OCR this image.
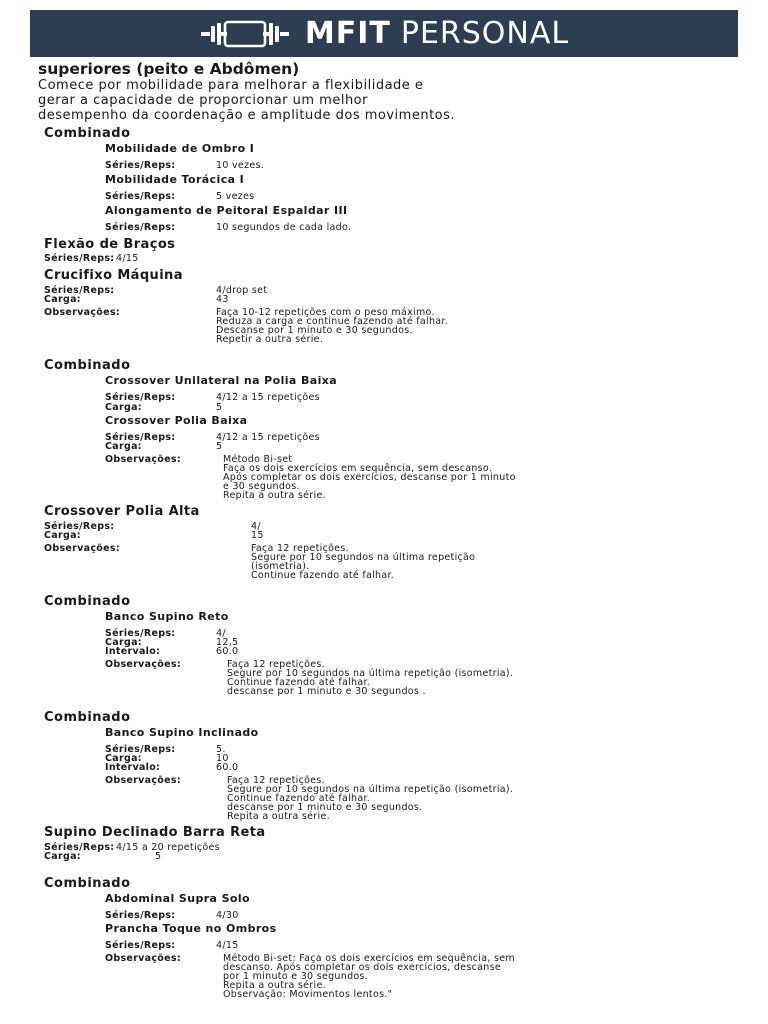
MFIT PERSONAL
superiores (peito e Abdômen)
Comece por mobilidade para melhorar a flexibilidade e
gerar a capacidade de proporcionar um melhor
desempenho da coordenação e amplitude dos movimentos.
Combinado
Mobilidade de Ombro I
Séries/Reps:	10 vezes.
Mobilidade Torácica I
Séries/Reps:	5 vezes
Alongamento de Peitoral Espaldar III
Séries/Reps:	10 segundos de cada lado.
Flexão de Braços
Séries/Reps: 4/15
Crucifixo Máquina
Séries/Reps:	4/drop set
Carga:	43
Observações:	Faça 10-12 repetições com o peso máximo.
Reduza a carga e continue fazendo até falhar.
Descanse por 1 minuto e 30 segundos.
Repetir a outra série.
Combinado
Crossover Unilateral na Polia Baixa
Séries/Reps:	4/12 a 15 repetições
Carga:	5
Crossover Polia Baixa
Séries/Reps:	4/12 a 15 repetições
Carga:	5
Observações:	Método Bi-set
Faça os dois exercícios em sequência, sem descanso.
Após completar os dois exercícios, descanse por 1 minuto
e 30 segundos.
Repita a outra série.
Crossover Polia Alta
Séries/Reps:	4/
Carga:	15
Observações:	Faça 12 repetições.
Segure por 10 segundos na última repetição
(isometria).
Continue fazendo até falhar.
Combinado
Banco Supino Reto
Séries/Reps:	4/
Carga:	12,5
Intervalo:	60.0
Observações:	Faça 12 repetições.
Segure por 10 segundos na última repetição (isometria).
Continue fazendo até falhar.
descanse por 1 minuto e 30 segundos .
Combinado
Banco Supino Inclinado
Séries/Reps:	5.
Carga:	10
Intervalo:	60.0
Observações:	Faça 12 repetições.
Segure por 10 segundos na última repetição (isometria).
Continue fazendo até falhar.
descanse por 1 minuto e 30 segundos.
Repita a outra série.
Supino Declinado Barra Reta
Séries/Reps: 4/15 a 20 repetições
Carga:	5
Combinado
Abdominal Supra Solo
Séries/Reps:	4/30
Prancha Toque no Ombros
Séries/Reps:	4/15
Observações:	Método Bi-set: Faça os dois exercícios em sequência, sem
descanso. Após completar os dois exercícios, descanse
por 1 minuto e 30 segundos.
Repita a outra série.
Observação: Movimentos lentos."
